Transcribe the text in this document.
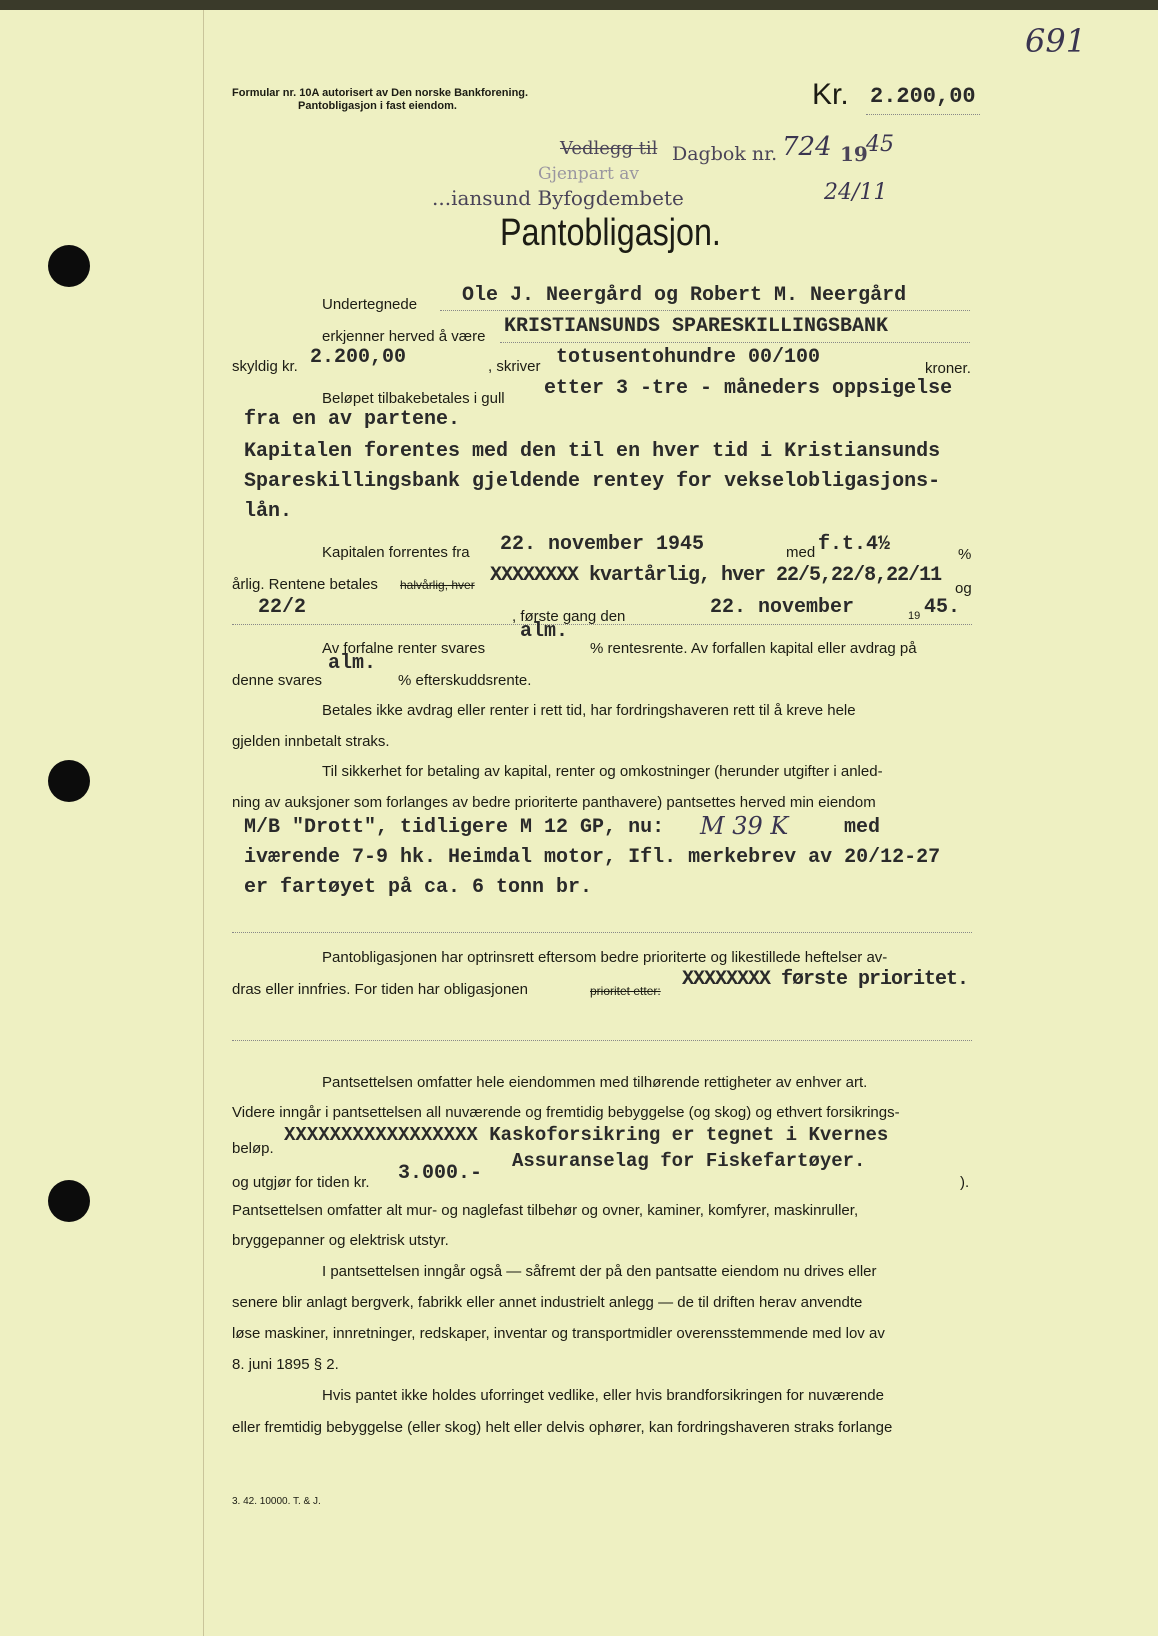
691
Formular nr. 10A autorisert av Den norske Bankforening.
Pantobligasjon i fast eiendom.	Kr. 2.200,00
Vedlegg til Dagbok nr. 724 19
45
Gjenpart av
...iansund Byfogdembete	24/11
Pantobligasjon.
Undertegnede Ole J. Neergård og Robert M. Neergård
erkjenner herved å være KRISTIANSUNDS SPARESKILLINGSBANK
skyldig kr. 2.200,00	, skriver totusentohundre 00/100	kroner.
Beløpet tilbakebetales i gull etter 3 -tre - måneders oppsigelse
fra en av partene.
Kapitalen forentes med den til en hver tid i Kristiansunds
Spareskillingsbank gjeldende rentey for vekselobligasjons-
lån.
Kapitalen forrentes fra 22. november 1945	med f.t.4½	%
årlig. Rentene betales halvårlig, hver XXXXXXXX kvartårlig, hver 22/5,22/8,22/11
og
22/2	, første gang den	22. november	19 45.
Av forfalne renter svares
alm.
% rentesrente. Av forfallen kapital eller avdrag på
denne svares
alm.
% efterskuddsrente.
Betales ikke avdrag eller renter i rett tid, har fordringshaveren rett til å kreve hele
gjelden innbetalt straks.
Til sikkerhet for betaling av kapital, renter og omkostninger (herunder utgifter i anled-
ning av auksjoner som forlanges av bedre prioriterte panthavere) pantsettes herved min eiendom
M/B "Drott", tidligere M 12 GP, nu: M 39 K	med
iværende 7-9 hk. Heimdal motor, Ifl. merkebrev av 20/12-27
er fartøyet på ca. 6 tonn br.
Pantobligasjonen har optrinsrett eftersom bedre prioriterte og likestillede heftelser av-
dras eller innfries. For tiden har obligasjonen	prioritet etter: XXXXXXXX første prioritet.
Pantsettelsen omfatter hele eiendommen med tilhørende rettigheter av enhver art.
Videre inngår i pantsettelsen all nuværende og fremtidig bebyggelse (og skog) og ethvert forsikrings-
beløp.
XXXXXXXXXXXXXXXXX Kaskoforsikring er tegnet i Kvernes
Assuranselag for Fiskefartøyer.
og utgjør for tiden kr. 3.000.-	).
Pantsettelsen omfatter alt mur- og naglefast tilbehør og ovner, kaminer, komfyrer, maskinruller,
bryggepanner og elektrisk utstyr.
I pantsettelsen inngår også — såfremt der på den pantsatte eiendom nu drives eller
senere blir anlagt bergverk, fabrikk eller annet industrielt anlegg — de til driften herav anvendte
løse maskiner, innretninger, redskaper, inventar og transportmidler overensstemmende med lov av
8. juni 1895 § 2.
Hvis pantet ikke holdes uforringet vedlike, eller hvis brandforsikringen for nuværende
eller fremtidig bebyggelse (eller skog) helt eller delvis ophører, kan fordringshaveren straks forlange
3. 42. 10000. T. & J.
